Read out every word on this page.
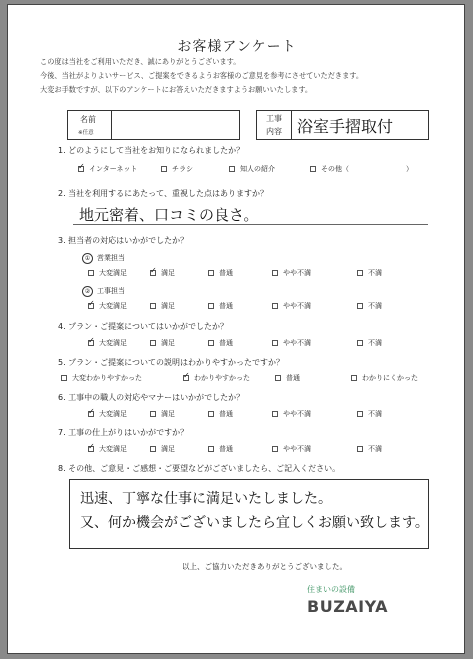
お客様アンケート
この度は当社をご利用いただき、誠にありがとうございます。
今後、当社がよりよいサービス、ご提案をできるようお客様のご意見を参考にさせていただきます。
大変お手数ですが、以下のアンケートにお答えいただきますようお願いいたします。
名前
※任意
工事
内容 浴室手摺取付
1. どのようにして当社をお知りになられましたか？
✓インターネット	チラシ	知人の紹介	その他（	）
2. 当社を利用するにあたって、重視した点はありますか？
地元密着、口コミの良さ。
3. 担当者の対応はいかがでしたか？
① 営業担当
大変満足 ✓	満足	普通	やや不満	不満
② 工事担当
✓大変満足	満足	普通	やや不満	不満
4. プラン・ご提案についてはいかがでしたか？
✓大変満足	満足	普通	やや不満	不満
5. プラン・ご提案についての説明はわかりやすかったですか？
大変わかりやすかった ✓	わかりやすかった	普通	わかりにくかった
6. 工事中の職人の対応やマナーはいかがでしたか？
✓大変満足	満足	普通	やや不満	不満
7. 工事の仕上がりはいかがですか？
✓大変満足	満足	普通	やや不満	不満
8. その他、ご意見・ご感想・ご要望などがございましたら、ご記入ください。
迅速、丁寧な仕事に満足いたしました。
又、何か機会がございましたら宜しくお願い致します。
以上、ご協力いただきありがとうございました。
住まいの設備
BUZAIYA
